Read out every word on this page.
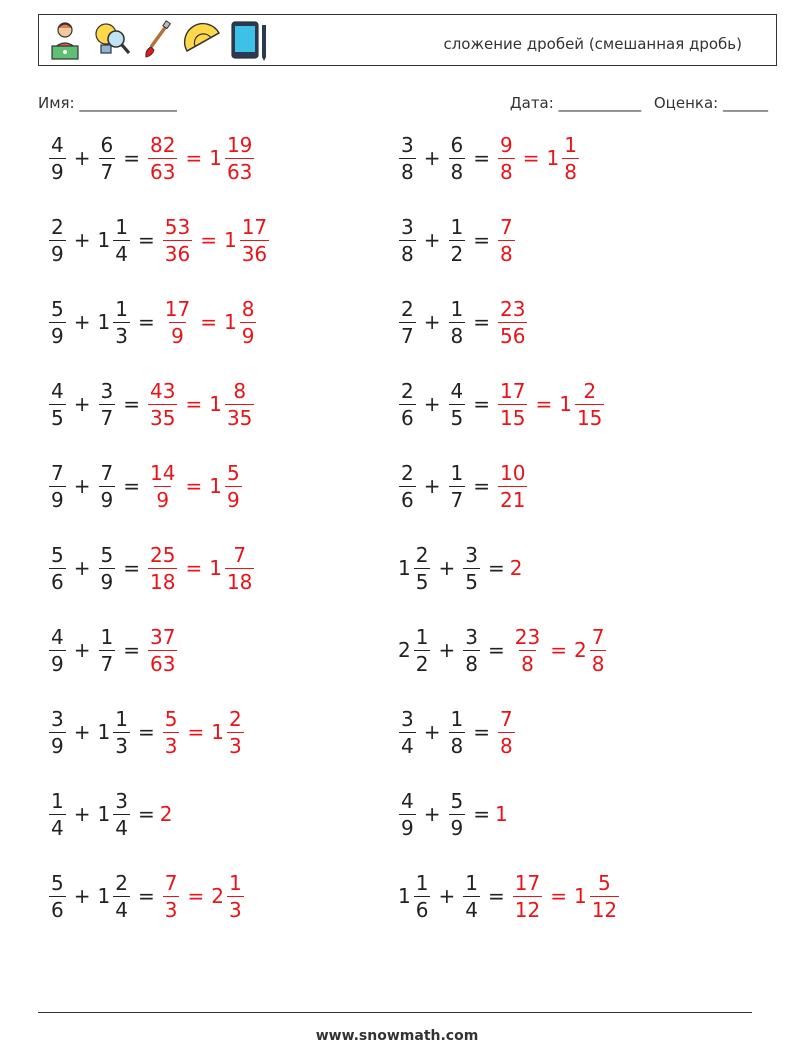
сложение дробей (смешанная дробь)
Имя: _____________	Дата: ___________ Оценка: ______
$\frac{4}{9} + \frac{6}{7} = \frac{82}{63} = 1 \frac{19}{63}$	$\frac{3}{8} + \frac{6}{8} = \frac{9}{8} = 1 \frac{1}{8}$
$\frac{2}{9} + 1 \frac{1}{4} = \frac{53}{36} = 1 \frac{17}{36}$	$\frac{3}{8} + \frac{1}{2} = \frac{7}{8}$
$\frac{5}{9} + 1 \frac{1}{3} = \frac{17}{9} = 1 \frac{8}{9}$	$\frac{2}{7} + \frac{1}{8} = \frac{23}{56}$
$\frac{4}{5} + \frac{3}{7} = \frac{43}{35} = 1 \frac{8}{35}$	$\frac{2}{6} + \frac{4}{5} = \frac{17}{15} = 1 \frac{2}{15}$
$\frac{7}{9} + \frac{7}{9} = \frac{14}{9} = 1 \frac{5}{9}$	$\frac{2}{6} + \frac{1}{7} = \frac{10}{21}$
$\frac{5}{6} + \frac{5}{9} = \frac{25}{18} = 1 \frac{7}{18}$	$1 \frac{2}{5} + \frac{3}{5} = 2$
$\frac{4}{9} + \frac{1}{7} = \frac{37}{63}$	$2 \frac{1}{2} + \frac{3}{8} = \frac{23}{8} = 2 \frac{7}{8}$
$\frac{3}{9} + 1 \frac{1}{3} = \frac{5}{3} = 1 \frac{2}{3}$	$\frac{3}{4} + \frac{1}{8} = \frac{7}{8}$
$\frac{1}{4} + 1 \frac{3}{4} = 2$	$\frac{4}{9} + \frac{5}{9} = 1$
$\frac{5}{6} + 1 \frac{2}{4} = \frac{7}{3} = 2 \frac{1}{3}$	$1 \frac{1}{6} + \frac{1}{4} = \frac{17}{12} = 1 \frac{5}{12}$
www.snowmath.com
